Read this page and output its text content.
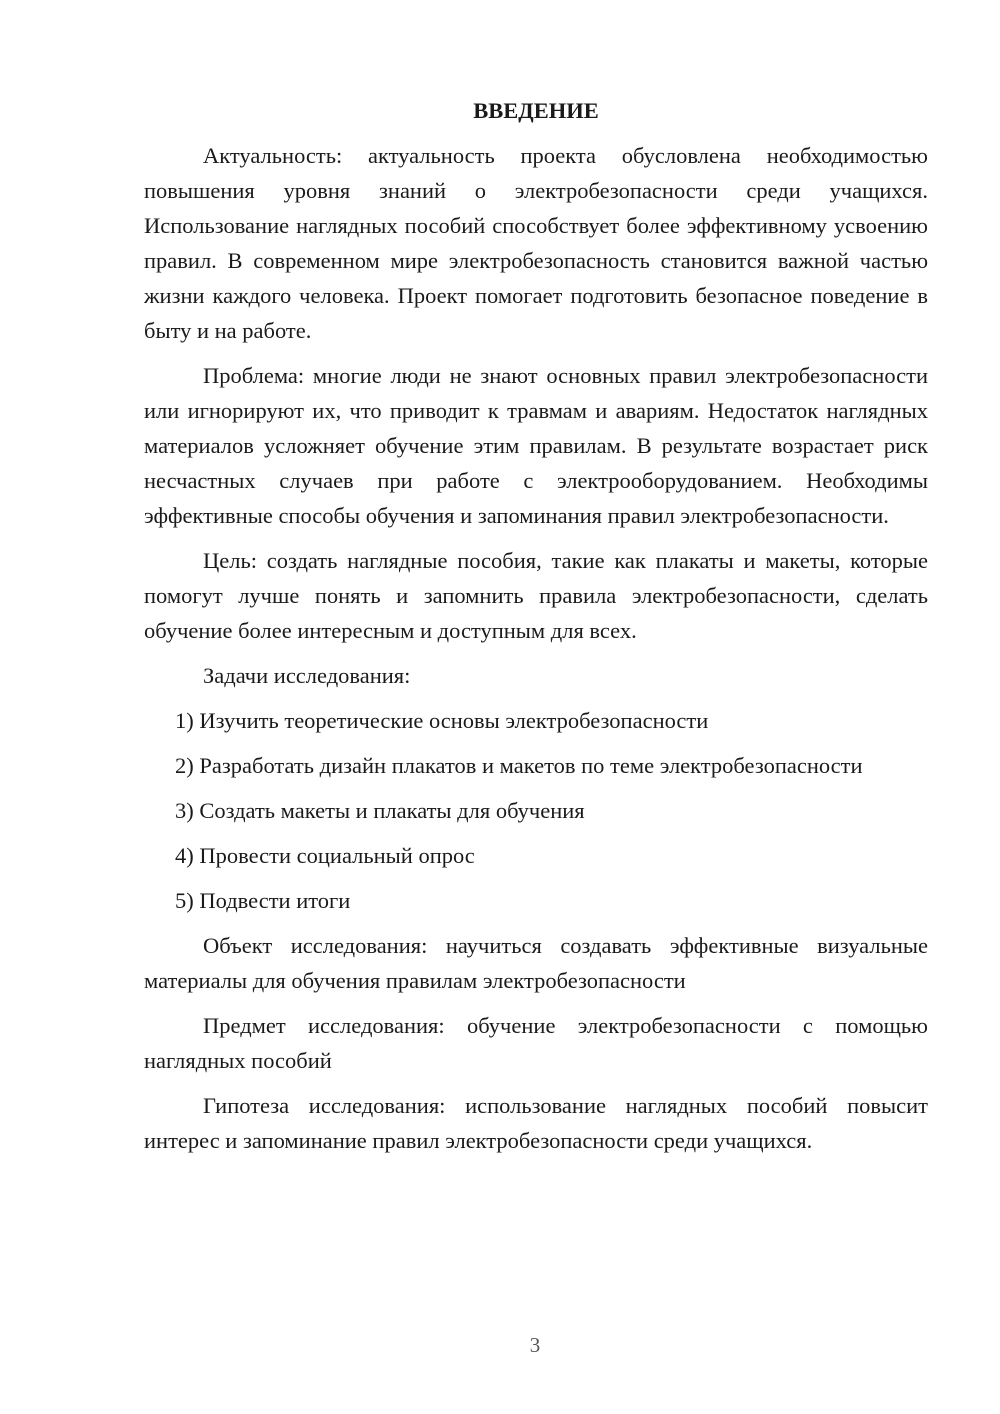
ВВЕДЕНИЕ

Актуальность: актуальность проекта обусловлена необходимостью повышения уровня знаний о электробезопасности среди учащихся. Использование наглядных пособий способствует более эффективному усвоению правил. В современном мире электробезопасность становится важной частью жизни каждого человека. Проект помогает подготовить безопасное поведение в быту и на работе.

Проблема: многие люди не знают основных правил электробезопасности или игнорируют их, что приводит к травмам и авариям. Недостаток наглядных материалов усложняет обучение этим правилам. В результате возрастает риск несчастных случаев при работе с электрооборудованием. Необходимы эффективные способы обучения и запоминания правил электробезопасности.

Цель: создать наглядные пособия, такие как плакаты и макеты, которые помогут лучше понять и запомнить правила электробезопасности, сделать обучение более интересным и доступным для всех.

Задачи исследования:

1) Изучить теоретические основы электробезопасности

2) Разработать дизайн плакатов и макетов по теме электробезопасности

3) Создать макеты и плакаты для обучения

4) Провести социальный опрос

5) Подвести итоги

Объект исследования: научиться создавать эффективные визуальные материалы для обучения правилам электробезопасности

Предмет исследования: обучение электробезопасности с помощью наглядных пособий

Гипотеза исследования: использование наглядных пособий повысит интерес и запоминание правил электробезопасности среди учащихся.

3
